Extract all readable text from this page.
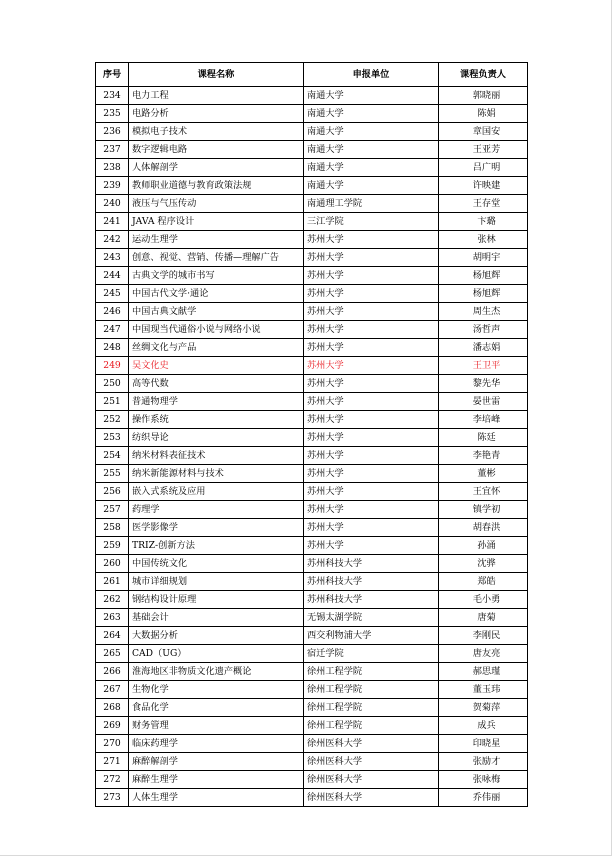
序号	课程名称	申报单位	课程负责人
234	电力工程	南通大学	郭晓丽
235	电路分析	南通大学	陈娟
236	模拟电子技术	南通大学	章国安
237	数字逻辑电路	南通大学	王亚芳
238	人体解剖学	南通大学	吕广明
239	教师职业道德与教育政策法规	南通大学	许映建
240	液压与气压传动	南通理工学院	王存堂
241	JAVA 程序设计	三江学院	卞璐
242	运动生理学	苏州大学	张林
243	创意、视觉、营销、传播—理解广告	苏州大学	胡明宇
244	古典文学的城市书写	苏州大学	杨旭辉
245	中国古代文学·通论	苏州大学	杨旭辉
246	中国古典文献学	苏州大学	周生杰
247	中国现当代通俗小说与网络小说	苏州大学	汤哲声
248	丝绸文化与产品	苏州大学	潘志娟
249	吴文化史	苏州大学	王卫平
250	高等代数	苏州大学	黎先华
251	普通物理学	苏州大学	晏世雷
252	操作系统	苏州大学	李培峰
253	纺织导论	苏州大学	陈廷
254	纳米材料表征技术	苏州大学	李艳青
255	纳米新能源材料与技术	苏州大学	董彬
256	嵌入式系统及应用	苏州大学	王宜怀
257	药理学	苏州大学	镇学初
258	医学影像学	苏州大学	胡春洪
259	TRIZ-创新方法	苏州大学	孙涌
260	中国传统文化	苏州科技大学	沈骅
261	城市详细规划	苏州科技大学	郑皓
262	钢结构设计原理	苏州科技大学	毛小勇
263	基础会计	无锡太湖学院	唐菊
264	大数据分析	西交利物浦大学	李刚民
265	CAD（UG）	宿迁学院	唐友亮
266	淮海地区非物质文化遗产概论	徐州工程学院	郝思瑾
267	生物化学	徐州工程学院	董玉玮
268	食品化学	徐州工程学院	贺菊萍
269	财务管理	徐州工程学院	成兵
270	临床药理学	徐州医科大学	印晓星
271	麻醉解剖学	徐州医科大学	张励才
272	麻醉生理学	徐州医科大学	张咏梅
273	人体生理学	徐州医科大学	乔伟丽
